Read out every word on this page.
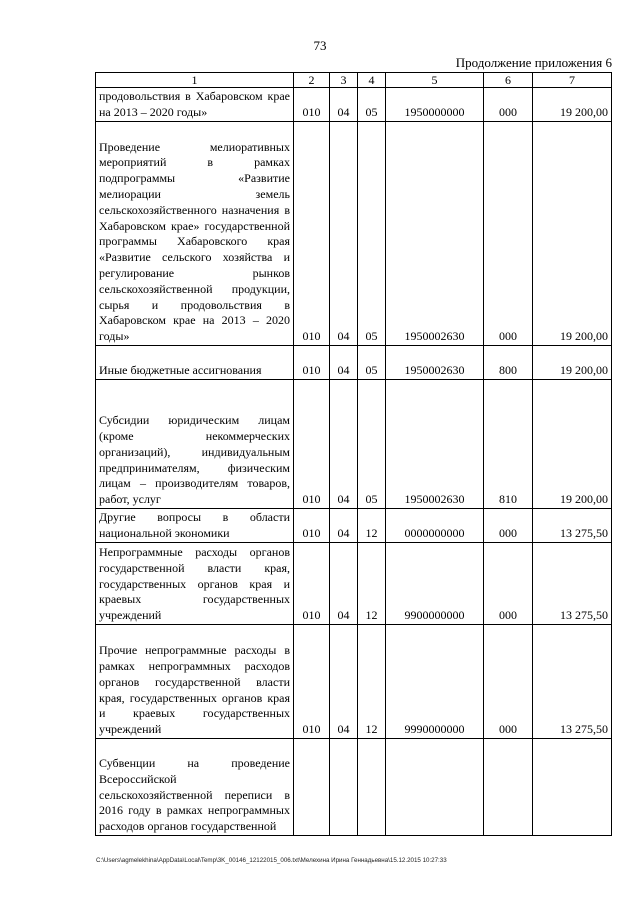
73
Продолжение приложения 6
1	2	3	4	5	6	7
продовольствия в Хабаровском крае на 2013 – 2020 годы»	010	04	05	1950000000	000	19 200,00
Проведение мелиоративных мероприятий в рамках подпрограммы «Развитие мелиорации земель сельскохозяйственного назначения в Хабаровском крае» государственной программы Хабаровского края «Развитие сельского хозяйства и регулирование рынков сельскохозяйственной продукции, сырья и продовольствия в Хабаровском крае на 2013 – 2020 годы»	010	04	05	1950002630	000	19 200,00
Иные бюджетные ассигнования	010	04	05	1950002630	800	19 200,00
Субсидии юридическим лицам (кроме некоммерческих организаций), индивидуальным предпринимателям, физическим лицам – производителям товаров, работ, услуг	010	04	05	1950002630	810	19 200,00
Другие вопросы в области национальной экономики	010	04	12	0000000000	000	13 275,50
Непрограммные расходы органов государственной власти края, государственных органов края и краевых государственных учреждений	010	04	12	9900000000	000	13 275,50
Прочие непрограммные расходы в рамках непрограммных расходов органов государственной власти края, государственных органов края и краевых государственных учреждений	010	04	12	9990000000	000	13 275,50
Субвенции на проведение Всероссийской сельскохозяйственной переписи в 2016 году в рамках непрограммных расходов органов государственной						
C:\Users\agmelekhina\AppData\Local\Temp\3K_00146_12122015_006.txt\Мелехина Ирина Геннадьевна\15.12.2015 10:27:33
